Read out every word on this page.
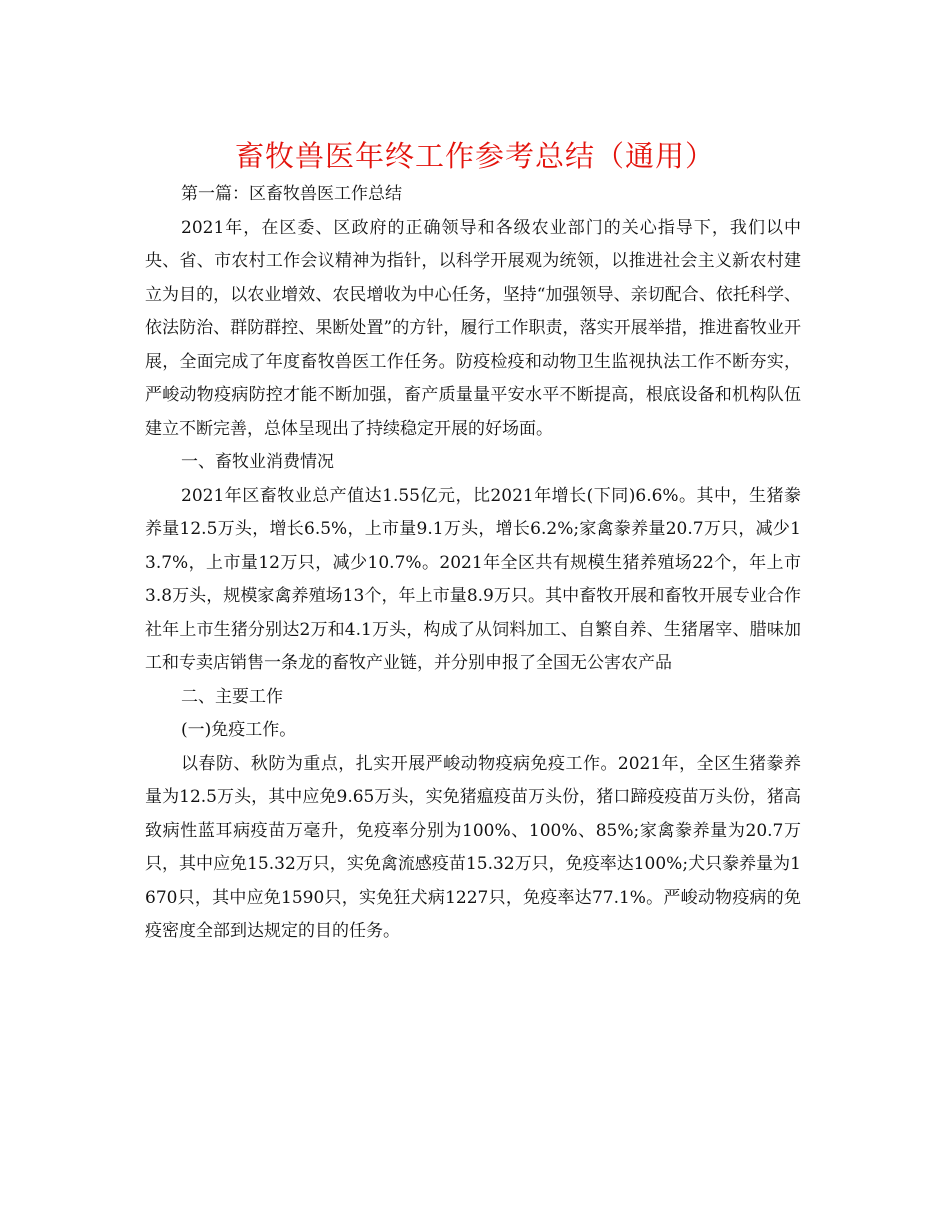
畜牧兽医年终工作参考总结（通用）

第一篇：区畜牧兽医工作总结

2021年，在区委、区政府的正确领导和各级农业部门的关心指导下，我们以中央、省、市农村工作会议精神为指针，以科学开展观为统领，以推进社会主义新农村建立为目的，以农业增效、农民增收为中心任务，坚持“加强领导、亲切配合、依托科学、依法防治、群防群控、果断处置”的方针，履行工作职责，落实开展举措，推进畜牧业开展，全面完成了年度畜牧兽医工作任务。防疫检疫和动物卫生监视执法工作不断夯实，严峻动物疫病防控才能不断加强，畜产质量量平安水平不断提高，根底设备和机构队伍建立不断完善，总体呈现出了持续稳定开展的好场面。

一、畜牧业消费情况

2021年区畜牧业总产值达1.55亿元，比2021年增长(下同)6.6%。其中，生猪豢养量12.5万头，增长6.5%，上市量9.1万头，增长6.2%;家禽豢养量20.7万只，减少13.7%，上市量12万只，减少10.7%。2021年全区共有规模生猪养殖场22个，年上市3.8万头，规模家禽养殖场13个，年上市量8.9万只。其中畜牧开展和畜牧开展专业合作社年上市生猪分别达2万和4.1万头，构成了从饲料加工、自繁自养、生猪屠宰、腊味加工和专卖店销售一条龙的畜牧产业链，并分别申报了全国无公害农产品

二、主要工作

(一)免疫工作。

以春防、秋防为重点，扎实开展严峻动物疫病免疫工作。2021年，全区生猪豢养量为12.5万头，其中应免9.65万头，实免猪瘟疫苗万头份，猪口蹄疫疫苗万头份，猪高致病性蓝耳病疫苗万毫升，免疫率分别为100%、100%、85%;家禽豢养量为20.7万只，其中应免15.32万只，实免禽流感疫苗15.32万只，免疫率达100%;犬只豢养量为1670只，其中应免1590只，实免狂犬病1227只，免疫率达77.1%。严峻动物疫病的免疫密度全部到达规定的目的任务。
